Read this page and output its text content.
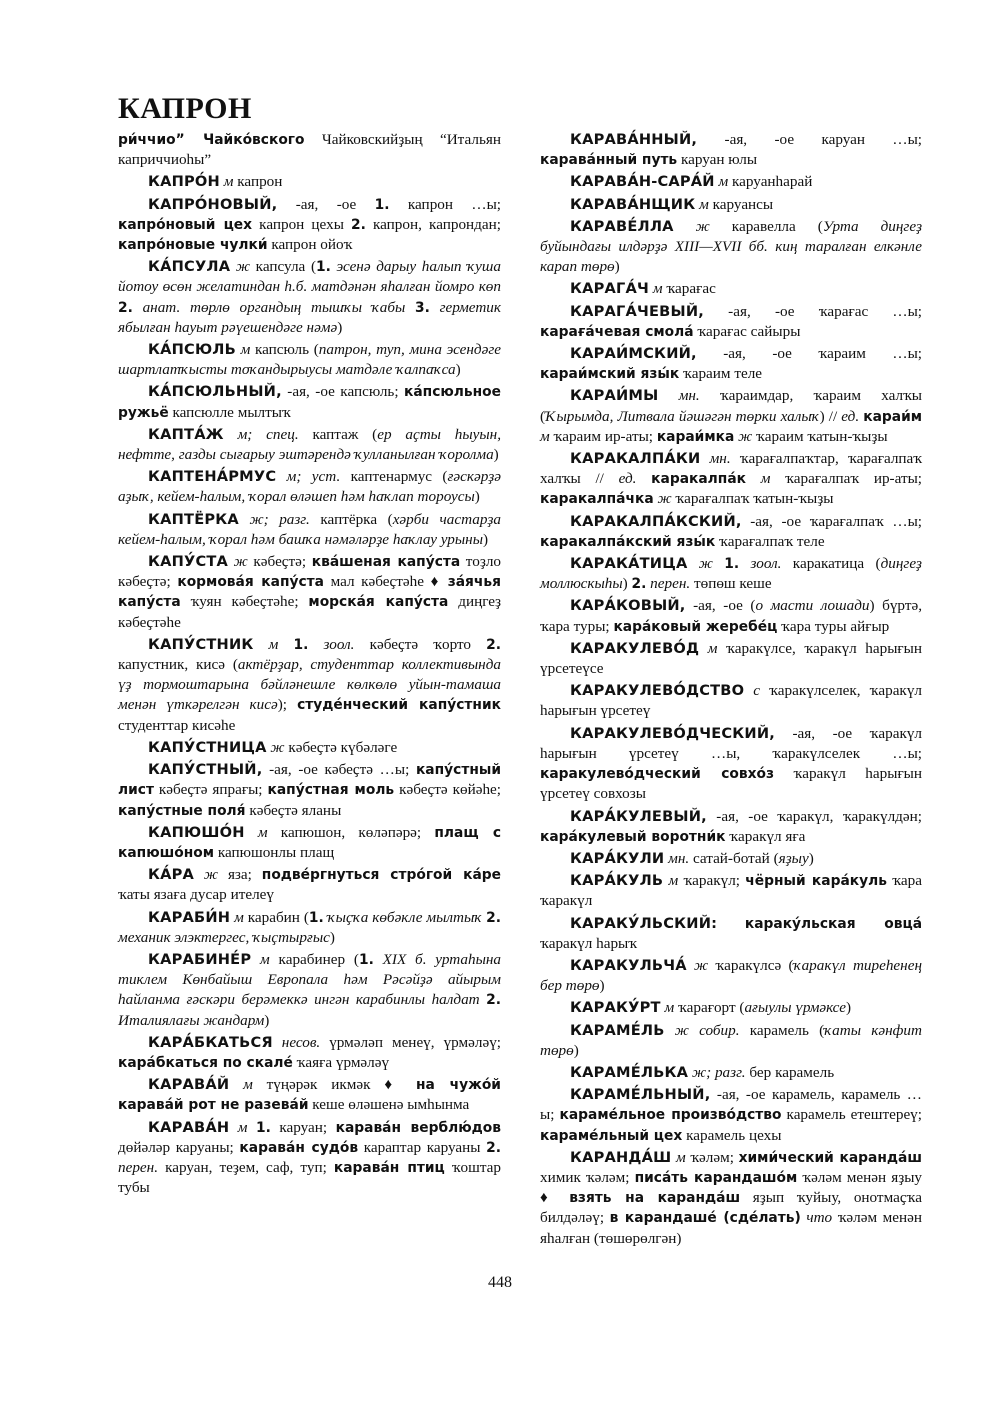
КАПРОН
ри́ччио” Чайко́вского Чайковскийҙың “Итальян каприччиоһы”
КАПРО́Н м капрон
КАПРО́НОВЫЙ, -ая, -ое 1. капрон …ы; капро́новый цех капрон цехы 2. капрон, капрондан; капро́новые чулки́ капрон ойоҡ
КА́ПСУЛА ж капсула (1. эсенә дарыу һалып ҡуша йотоу өсөн желатиндан һ.б. матдәнән яһалған йомро көп 2. анат. төрлө органдың тышҡы ҡабы 3. герметик ябылған һауыт рәүешендәге нәмә)
КА́ПСЮЛЬ м капсюль (патрон, туп, мина эсендәге шартлатҡысты тоҡандырыусы матдәле ҡалпаҡса)
КА́ПСЮЛЬНЫЙ, -ая, -ое капсюль; ка́псюльное ружьё капсюлле мылтыҡ
КАПТА́Ж м; спец. каптаж (ер аҫты һыуын, нефтте, газды сығарыу эштәрендә ҡулланылған ҡоролма)
КАПТЕНА́РМУС м; уст. каптенармус (ғәскәрҙә аҙыҡ, кейем-һалым, ҡорал өләшеп һәм һаҡлап тороусы)
КАПТЁРКА ж; разг. каптёрка (хәрби частарҙа кейем-һалым, ҡорал һәм башҡа нәмәләрҙе һаҡлау урыны)
КАПУ́СТА ж кәбеҫтә; ква́шеная капу́ста тоҙло кәбеҫтә; кормова́я капу́ста мал кәбеҫтәһе ♦ за́ячья капу́ста ҡуян кәбеҫтәһе; морска́я капу́ста диңгеҙ кәбеҫтәһе
КАПУ́СТНИК м 1. зоол. кәбеҫтә ҡорто 2. капустник, кисә (актёрҙар, студенттар коллективында үҙ тормоштарына бәйләнешле көлкөлө уйын-тамаша менән үткәрелгән кисә); студе́нческий капу́стник студенттар кисәһе
КАПУ́СТНИЦА ж кәбеҫтә күбәләге
КАПУ́СТНЫЙ, -ая, -ое кәбеҫтә …ы; капу́стный лист кәбеҫтә япрағы; капу́стная моль кәбеҫтә көйәһе; капу́стные поля́ кәбеҫтә яланы
КАПЮШО́Н м капюшон, көләпәрә; плащ с капюшо́ном капюшонлы плащ
КА́РА ж яза; подве́ргнуться стро́гой ка́ре ҡаты язаға дусар ителеү
КАРАБИ́Н м карабин (1. ҡыҫҡа көбәкле мылтыҡ 2. механик элэктергес, ҡыҫтырғыс)
КАРАБИНЕ́Р м карабинер (1. XIX б. уртаһына тиклем Көнбайыш Европала һәм Рәсәйҙә айырым һайланма ғәскәри берәмеккә ингән карабинлы һалдат 2. Италиялағы жандарм)
КАРА́БКАТЬСЯ несов. үрмәләп менеү, үрмәләү; кара́бкаться по скале́ ҡаяға үрмәләү
КАРАВА́Й м түңәрәк икмәк ♦ на чужо́й карава́й рот не разева́й кеше өләшенә ымһынма
КАРАВА́Н м 1. каруан; карава́н верблю́дов дөйәләр каруаны; карава́н судо́в караптар каруаны 2. перен. каруан, теҙем, саф, туп; карава́н птиц ҡоштар тубы
КАРАВА́ННЫЙ, -ая, -ое каруан …ы; карава́нный путь каруан юлы
КАРАВА́Н-САРА́Й м каруанһарай
КАРАВА́НЩИК м каруансы
КАРАВЕ́ЛЛА ж каравелла (Урта диңгеҙ буйындағы илдәрҙә XIII—XVII бб. киң таралған елкәнле карап төрө)
КАРАГА́Ч м ҡарағас
КАРАГА́ЧЕВЫЙ, -ая, -ое ҡарағас …ы; караға́чевая смола́ ҡарағас сайыры
КАРАИ́МСКИЙ, -ая, -ое ҡараим …ы; караи́мский язы́к ҡараим теле
КАРАИ́МЫ мн. ҡараимдар, ҡараим халҡы (Ҡырымда, Литвала йәшәгән төрки халыҡ) // ед. карaи́м м ҡараим ир-аты; караи́мка ж ҡараим ҡатын-ҡыҙы
КАРАКАЛПА́КИ мн. ҡарағалпаҡтар, ҡарағалпаҡ халҡы // ед. каракалпа́к м ҡарағалпаҡ ир-аты; каракалпа́чка ж ҡарағалпаҡ ҡатын-ҡыҙы
КАРАКАЛПА́КСКИЙ, -ая, -ое ҡарағалпаҡ …ы; каракалпа́кский язы́к ҡарағалпаҡ теле
КАРАКА́ТИЦА ж 1. зоол. каракатица (диңгеҙ моллюскыһы) 2. перен. төпөш кеше
КАРА́КОВЫЙ, -ая, -ое (о масти лошади) бүртә, ҡара туры; кара́ковый жеребе́ц ҡара туры айғыр
КАРАКУЛЕВО́Д м ҡаракүлсе, ҡаракүл һарығын үрсетеүсе
КАРАКУЛЕВО́ДСТВО с ҡаракүлселек, ҡаракүл һарығын үрсетеү
КАРАКУЛЕВО́ДЧЕСКИЙ, -ая, -ое ҡаракүл һарығын үрсетеү …ы, ҡаракүлселек …ы; каракулево́дческий совхо́з ҡаракүл һарығын үрсетеү совхозы
КАРА́КУЛЕВЫЙ, -ая, -ое ҡаракүл, ҡаракүлдән; кара́кулевый воротни́к ҡаракүл яға
КАРА́КУЛИ мн. сатай-ботай (яҙыу)
КАРА́КУЛЬ м ҡаракүл; чёрный кара́куль ҡара ҡаракүл
КАРАКУ́ЛЬСКИЙ: каракýльская овца́ ҡаракүл һарыҡ
КАРАКУЛЬЧА́ ж ҡаракүлсә (ҡаракүл тиреһенең бер төрө)
КАРАКУ́РТ м ҡарағорт (ағыулы үрмәксе)
КАРАМЕ́ЛЬ ж собир. карамель (ҡаты кәнфит төрө)
КАРАМЕ́ЛЬКА ж; разг. бер карамель
КАРАМЕ́ЛЬНЫЙ, -ая, -ое карамель, карамель …ы; караме́льное произво́дство карамель етештереү; караме́льный цех карамель цехы
КАРАНДА́Ш м ҡәләм; хими́ческий каранда́ш химик ҡәләм; писа́ть карандашо́м ҡәләм менән яҙыу ♦ взять на каранда́ш яҙып ҡуйыу, онотмаҫҡа билдәләү; в карандаше́ (сде́лать) что ҡәләм менән яһалған (төшөрөлгән)
448
